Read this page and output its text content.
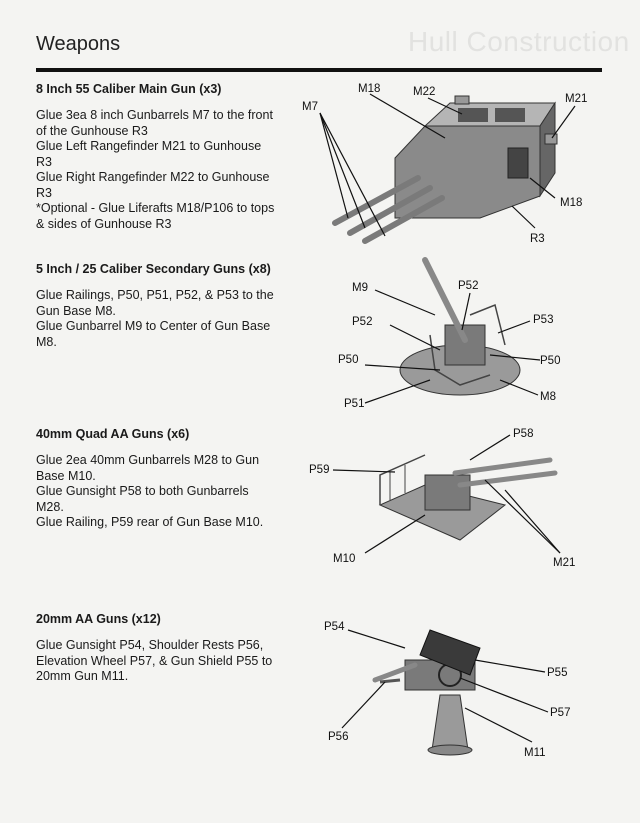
Hull Construction
Weapons
8 Inch 55 Caliber Main Gun (x3)
Glue 3ea 8 inch Gunbarrels M7 to the front
of the Gunhouse R3
Glue Left Rangefinder M21 to Gunhouse
R3
Glue Right Rangefinder M22 to Gunhouse
R3
*Optional - Glue Liferafts M18/P106 to tops
& sides of Gunhouse R3
M7
M18	M22
M21
M18
R3
5 Inch / 25 Caliber Secondary Guns (x8)
Glue Railings, P50, P51, P52, & P53 to the
Gun Base M8.
Glue Gunbarrel M9 to Center of Gun Base
M8.
M9	P52
P52	P53
P50	P50
P51
M8
40mm Quad AA Guns (x6)
Glue 2ea 40mm Gunbarrels M28 to Gun
Base M10.
Glue Gunsight P58 to both Gunbarrels
M28.
Glue Railing, P59 rear of Gun Base M10.
P58
P59
M10	M21
20mm AA Guns (x12)
Glue Gunsight P54, Shoulder Rests P56,
Elevation Wheel P57, & Gun Shield P55 to
20mm Gun M11.
P54
P55
P57
P56
M11
